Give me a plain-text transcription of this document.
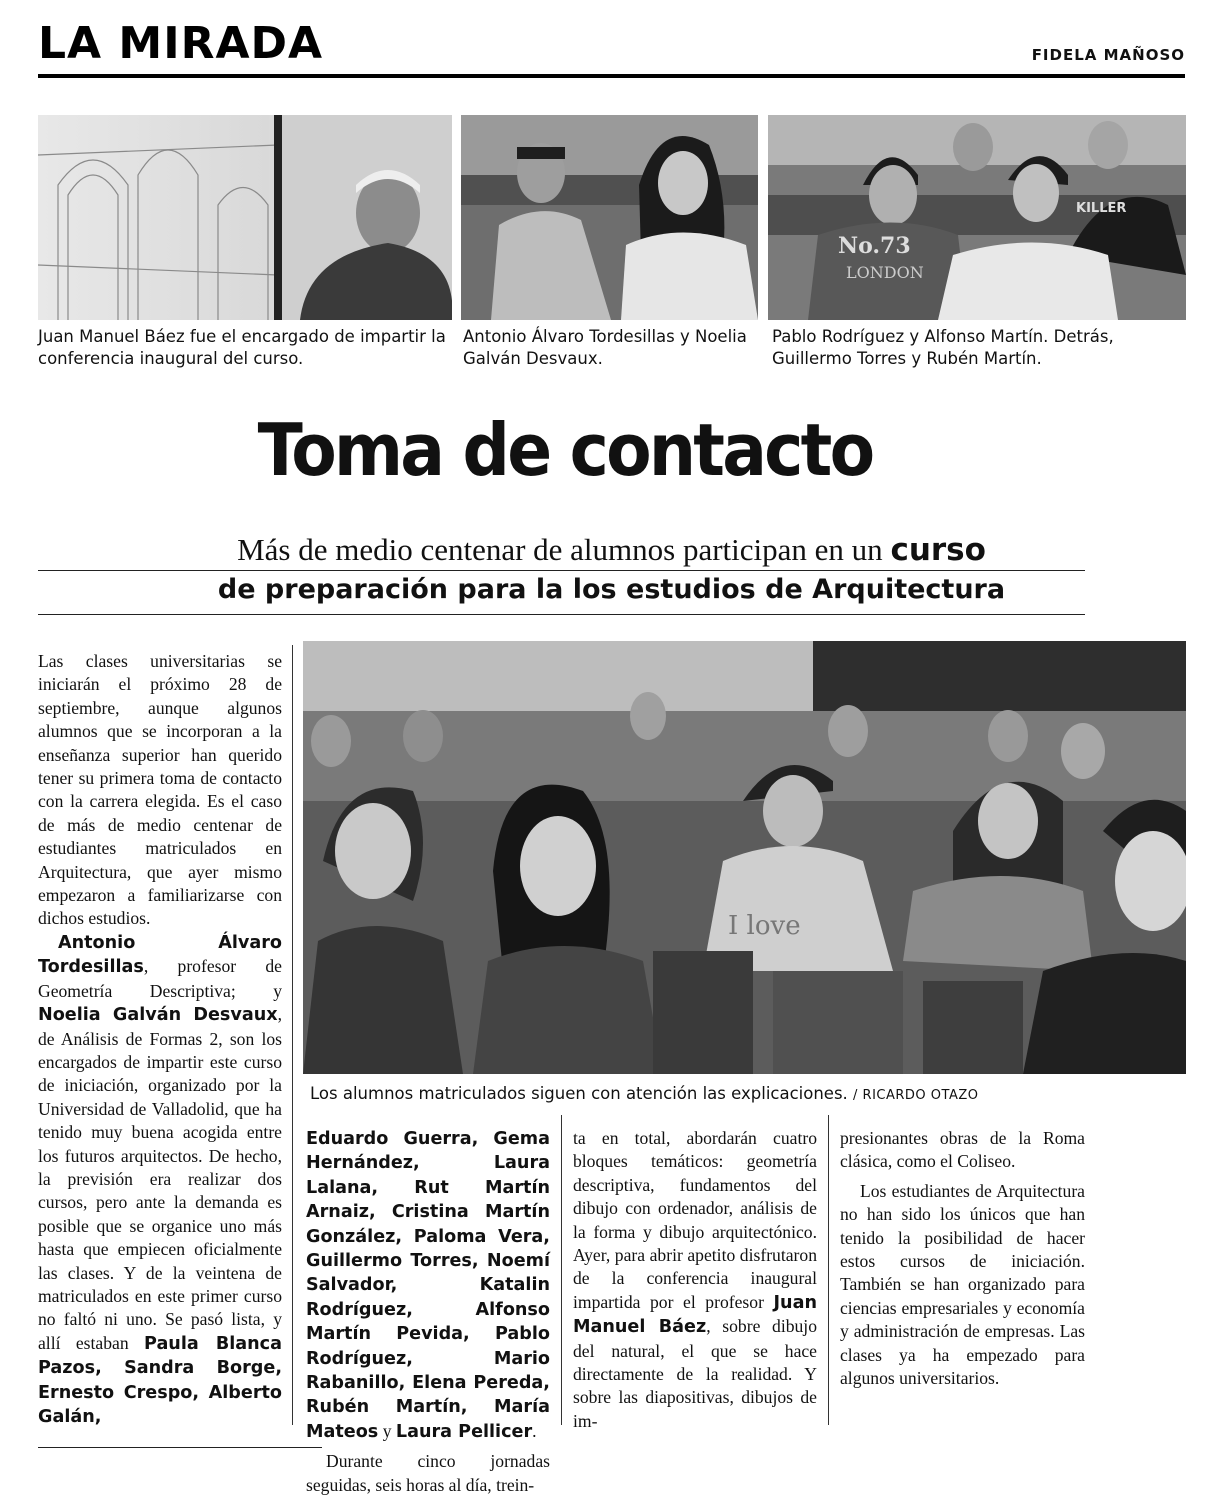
LA MIRADA	FIDELA MAÑOSO
Juan Manuel Báez fue el encargado de impartir la conferencia inaugural del curso.
Antonio Álvaro Tordesillas y Noelia Galván Desvaux.
No.73
LONDON
KILLER
Pablo Rodríguez y Alfonso Martín. Detrás, Guillermo Torres y Rubén Martín.
Toma de contacto
Más de medio centenar de alumnos participan en un curso
de preparación para la los estudios de Arquitectura

Las clases universitarias se iniciarán el próximo 28 de septiembre, aunque algunos alumnos que se incorporan a la enseñanza superior han querido tener su primera toma de contacto con la carrera elegida. Es el caso de más de medio centenar de estudiantes matriculados en Arquitectura, que ayer mismo empezaron a familiarizarse con dichos estudios.

Antonio Álvaro Tordesillas, profesor de Geometría Descriptiva; y Noelia Galván Desvaux, de Análisis de Formas 2, son los encargados de impartir este curso de iniciación, organizado por la Universidad de Valladolid, que ha tenido muy buena acogida entre los futuros arquitectos. De hecho, la previsión era realizar dos cursos, pero ante la demanda es posible que se organice uno más hasta que empiecen oficialmente las clases. Y de la veintena de matriculados en este primer curso no faltó ni uno. Se pasó lista, y allí estaban Paula Blanca Pazos, Sandra Borge, Ernesto Crespo, Alberto Galán,

I love
Los alumnos matriculados siguen con atención las explicaciones. / RICARDO OTAZO

Eduardo Guerra, Gema Hernández, Laura Lalana, Rut Martín Arnaiz, Cristina Martín González, Paloma Vera, Guillermo Torres, Noemí Salvador, Katalin Rodríguez, Alfonso Martín Pevida, Pablo Rodríguez, Mario Rabanillo, Elena Pereda, Rubén Martín, María Mateos y Laura Pellicer.

Durante cinco jornadas seguidas, seis horas al día, trein-

ta en total, abordarán cuatro bloques temáticos: geometría descriptiva, fundamentos del dibujo con ordenador, análisis de la forma y dibujo arquitectónico. Ayer, para abrir apetito disfrutaron de la conferencia inaugural impartida por el profesor Juan Manuel Báez, sobre dibujo del natural, el que se hace directamente de la realidad. Y sobre las diapositivas, dibujos de im-

presionantes obras de la Roma clásica, como el Coliseo.

Los estudiantes de Arquitectura no han sido los únicos que han tenido la posibilidad de hacer estos cursos de iniciación. También se han organizado para ciencias empresariales y economía y administración de empresas. Las clases ya ha empezado para algunos universitarios.
